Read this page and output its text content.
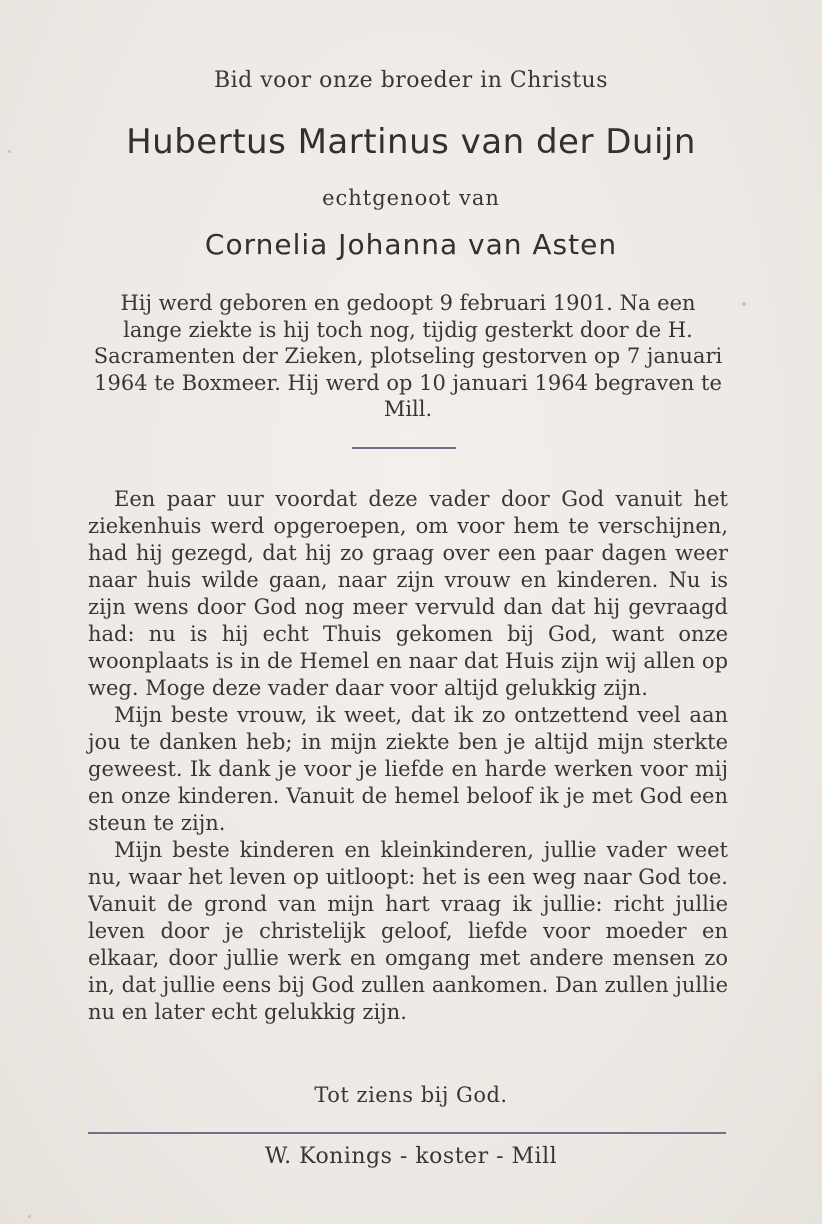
Bid voor onze broeder in Christus
Hubertus Martinus van der Duijn
echtgenoot van
Cornelia Johanna van Asten

Hij werd geboren en gedoopt 9 februari 1901. Na een lange ziekte is hij toch nog, tijdig gesterkt door de H. Sacramenten der Zieken, plotseling gestorven op 7 januari 1964 te Boxmeer. Hij werd op 10 januari 1964 begraven te Mill.

Een paar uur voordat deze vader door God vanuit het ziekenhuis werd opgeroepen, om voor hem te verschijnen, had hij gezegd, dat hij zo graag over een paar dagen weer naar huis wilde gaan, naar zijn vrouw en kinderen. Nu is zijn wens door God nog meer vervuld dan dat hij gevraagd had: nu is hij echt Thuis gekomen bij God, want onze woonplaats is in de Hemel en naar dat Huis zijn wij allen op weg. Moge deze vader daar voor altijd gelukkig zijn.

Mijn beste vrouw, ik weet, dat ik zo ontzettend veel aan jou te danken heb; in mijn ziekte ben je altijd mijn sterkte geweest. Ik dank je voor je liefde en harde werken voor mij en onze kinderen. Vanuit de hemel beloof ik je met God een steun te zijn.

Mijn beste kinderen en kleinkinderen, jullie vader weet nu, waar het leven op uitloopt: het is een weg naar God toe. Vanuit de grond van mijn hart vraag ik jullie: richt jullie leven door je christelijk geloof, liefde voor moeder en elkaar, door jullie werk en omgang met andere mensen zo in, dat jullie eens bij God zullen aankomen. Dan zullen jullie nu en later echt gelukkig zijn.

Tot ziens bij God.
W. Konings - koster - Mill
